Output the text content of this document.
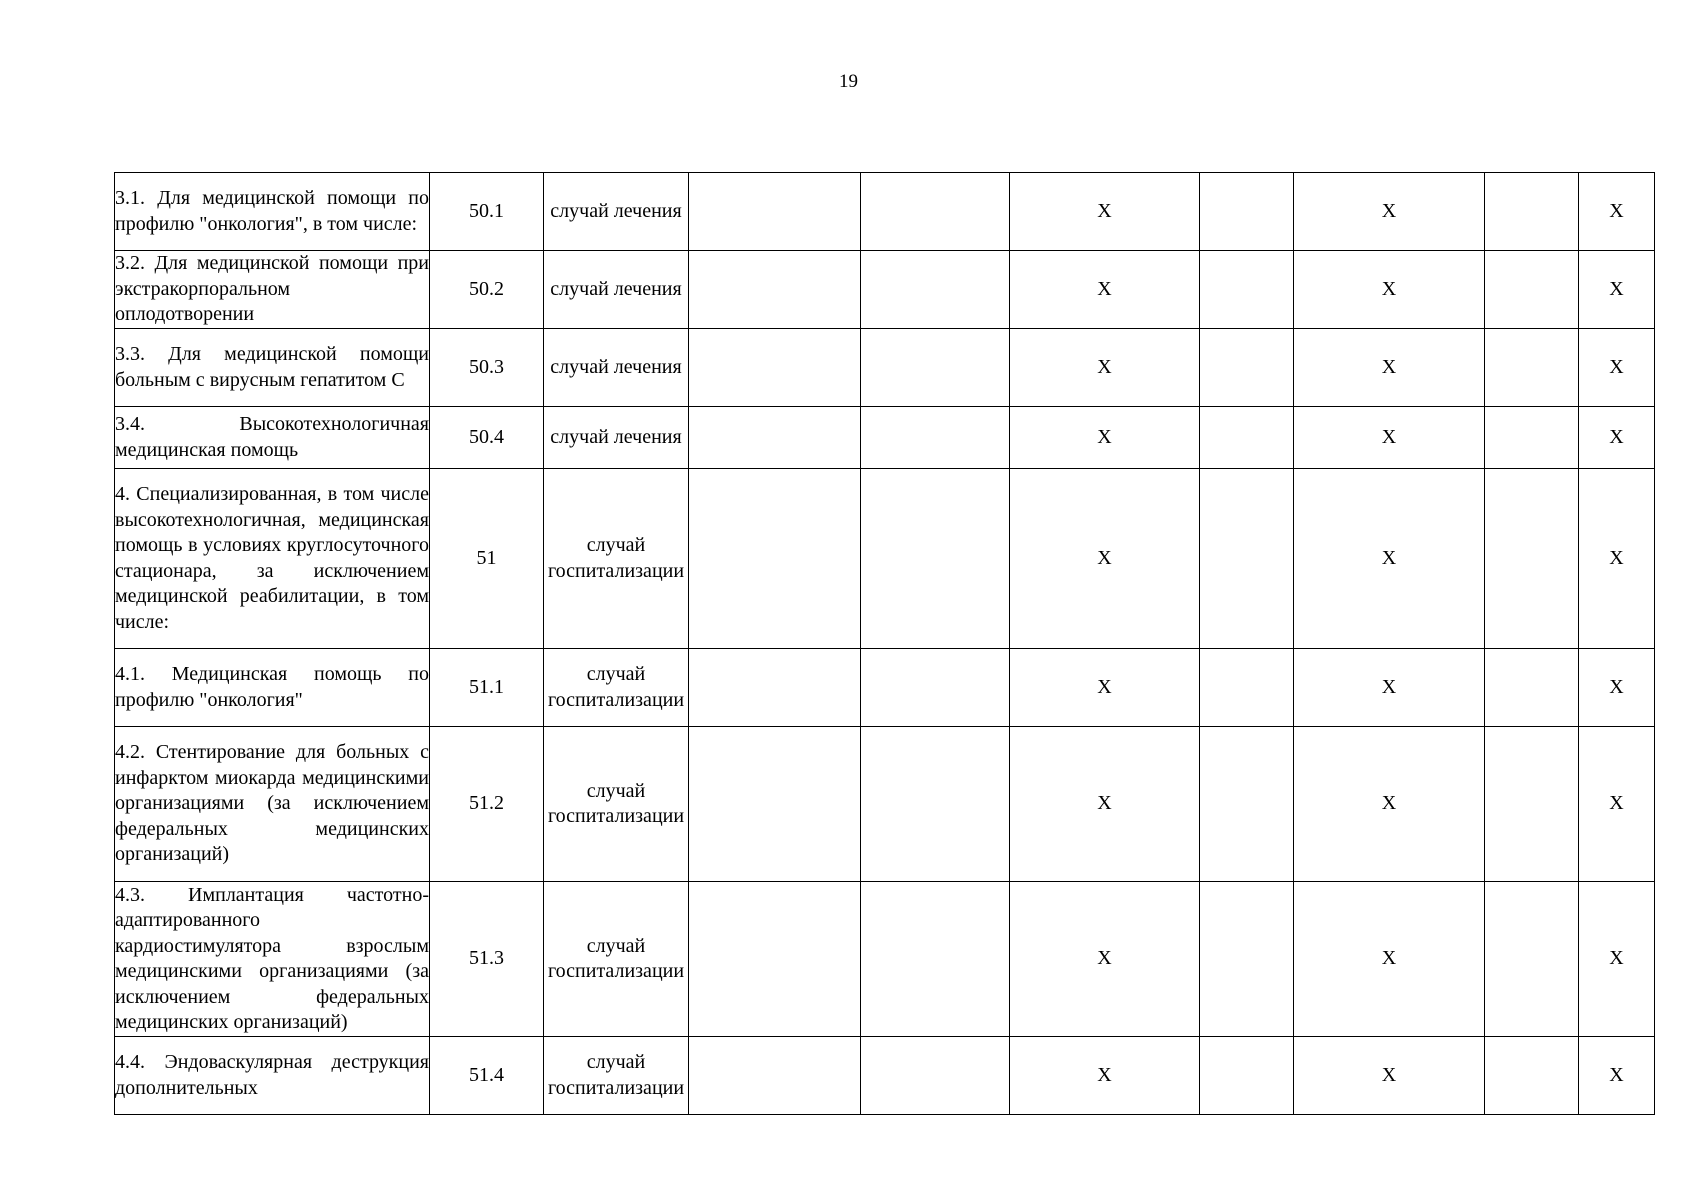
19
3.1. Для медицинской помощи по профилю "онкология", в том числе:	50.1	случай лечения			X		X		X
3.2. Для медицинской помощи при экстракорпоральном оплодотворении	50.2	случай лечения			X		X		X
3.3. Для медицинской помощи больным с вирусным гепатитом С	50.3	случай лечения			X		X		X
3.4. Высокотехнологичная медицинская помощь	50.4	случай лечения			X		X		X
4. Специализированная, в том числе высокотехнологичная, медицинская помощь в условиях круглосуточного стационара, за исключением медицинской реабилитации, в том числе:	51	случай госпитализации			X		X		X
4.1. Медицинская помощь по профилю "онкология"	51.1	случай госпитализации			X		X		X
4.2. Стентирование для больных с инфарктом миокарда медицинскими организациями (за исключением федеральных медицинских организаций)	51.2	случай госпитализации			X		X		X
4.3. Имплантация частотно-адаптированного кардиостимулятора взрослым медицинскими организациями (за исключением федеральных медицинских организаций)	51.3	случай госпитализации			X		X		X
4.4. Эндоваскулярная деструкция дополнительных	51.4	случай госпитализации			X		X		X
